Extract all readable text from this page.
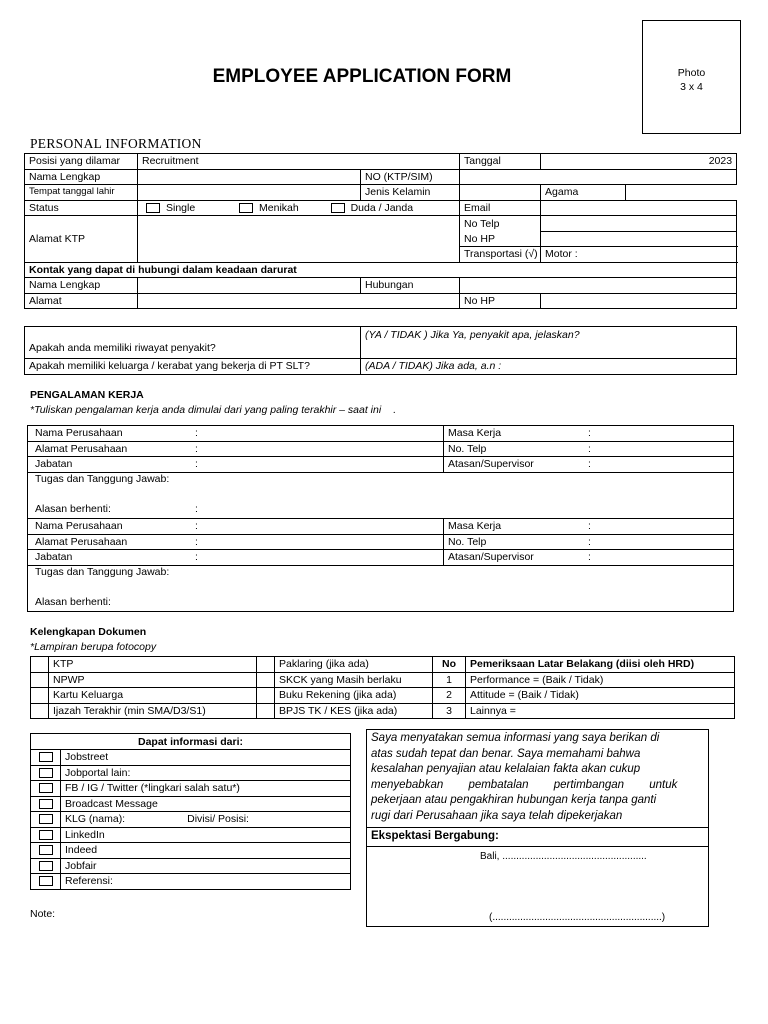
Photo
3 x 4
EMPLOYEE APPLICATION FORM
PERSONAL INFORMATION
Posisi yang dilamar	Recruitment		Tanggal	2023		
Nama Lengkap		NO (KTP/SIM)				
Tempat tanggal lahir		Jenis Kelamin		Agama		
Status	Single Menikah Duda / Janda		Email			
Alamat KTP			No Telp			
			No HP			
			Transportasi (√)	Motor :		
Kontak yang dapat di hubungi dalam keadaan darurat						
Nama Lengkap		Hubungan				
Alamat			No HP			
Apakah anda memiliki riwayat penyakit?	(YA / TIDAK ) Jika Ya, penyakit apa, jelaskan?
Apakah memiliki keluarga / kerabat yang bekerja di PT SLT?	(ADA / TIDAK) Jika ada, a.n :
PENGALAMAN KERJA
*Tuliskan pengalaman kerja anda dimulai dari yang paling terakhir – saat ini .
Nama Perusahaan	:	Masa Kerja	:
Alamat Perusahaan	:	No. Telp	:
Jabatan	:	Atasan/Supervisor	:
Tugas dan Tanggung Jawab:
Alasan berhenti:	:
Nama Perusahaan	:	Masa Kerja	:
Alamat Perusahaan	:	No. Telp	:
Jabatan	:	Atasan/Supervisor	:
Tugas dan Tanggung Jawab:
Alasan berhenti:
Kelengkapan Dokumen
*Lampiran berupa fotocopy
	KTP		Paklaring (jika ada)	No	Pemeriksaan Latar Belakang (diisi oleh HRD)
	NPWP		SKCK yang Masih berlaku	1	Performance = (Baik / Tidak)
	Kartu Keluarga		Buku Rekening (jika ada)	2	Attitude = (Baik / Tidak)
	Ijazah Terakhir (min SMA/D3/S1)		BPJS TK / KES (jika ada)	3	Lainnya =
Dapat informasi dari:	
	Jobstreet
	Jobportal lain:
	FB / IG / Twitter (*lingkari salah satu*)
	Broadcast Message
	KLG (nama): Divisi/ Posisi:
	LinkedIn
	Indeed
	Jobfair
	Referensi:
Saya menyatakan semua informasi yang saya berikan di
atas sudah tepat dan benar. Saya memahami bahwa
kesalahan penyajian atau kelalaian fakta akan cukup
menyebabkan pembatalan pertimbangan untuk
pekerjaan atau pengakhiran hubungan kerja tanpa ganti
rugi dari Perusahaan jika saya telah dipekerjakan
Ekspektasi Bergabung:
Bali, ....................................................
(.............................................................)
Note:
